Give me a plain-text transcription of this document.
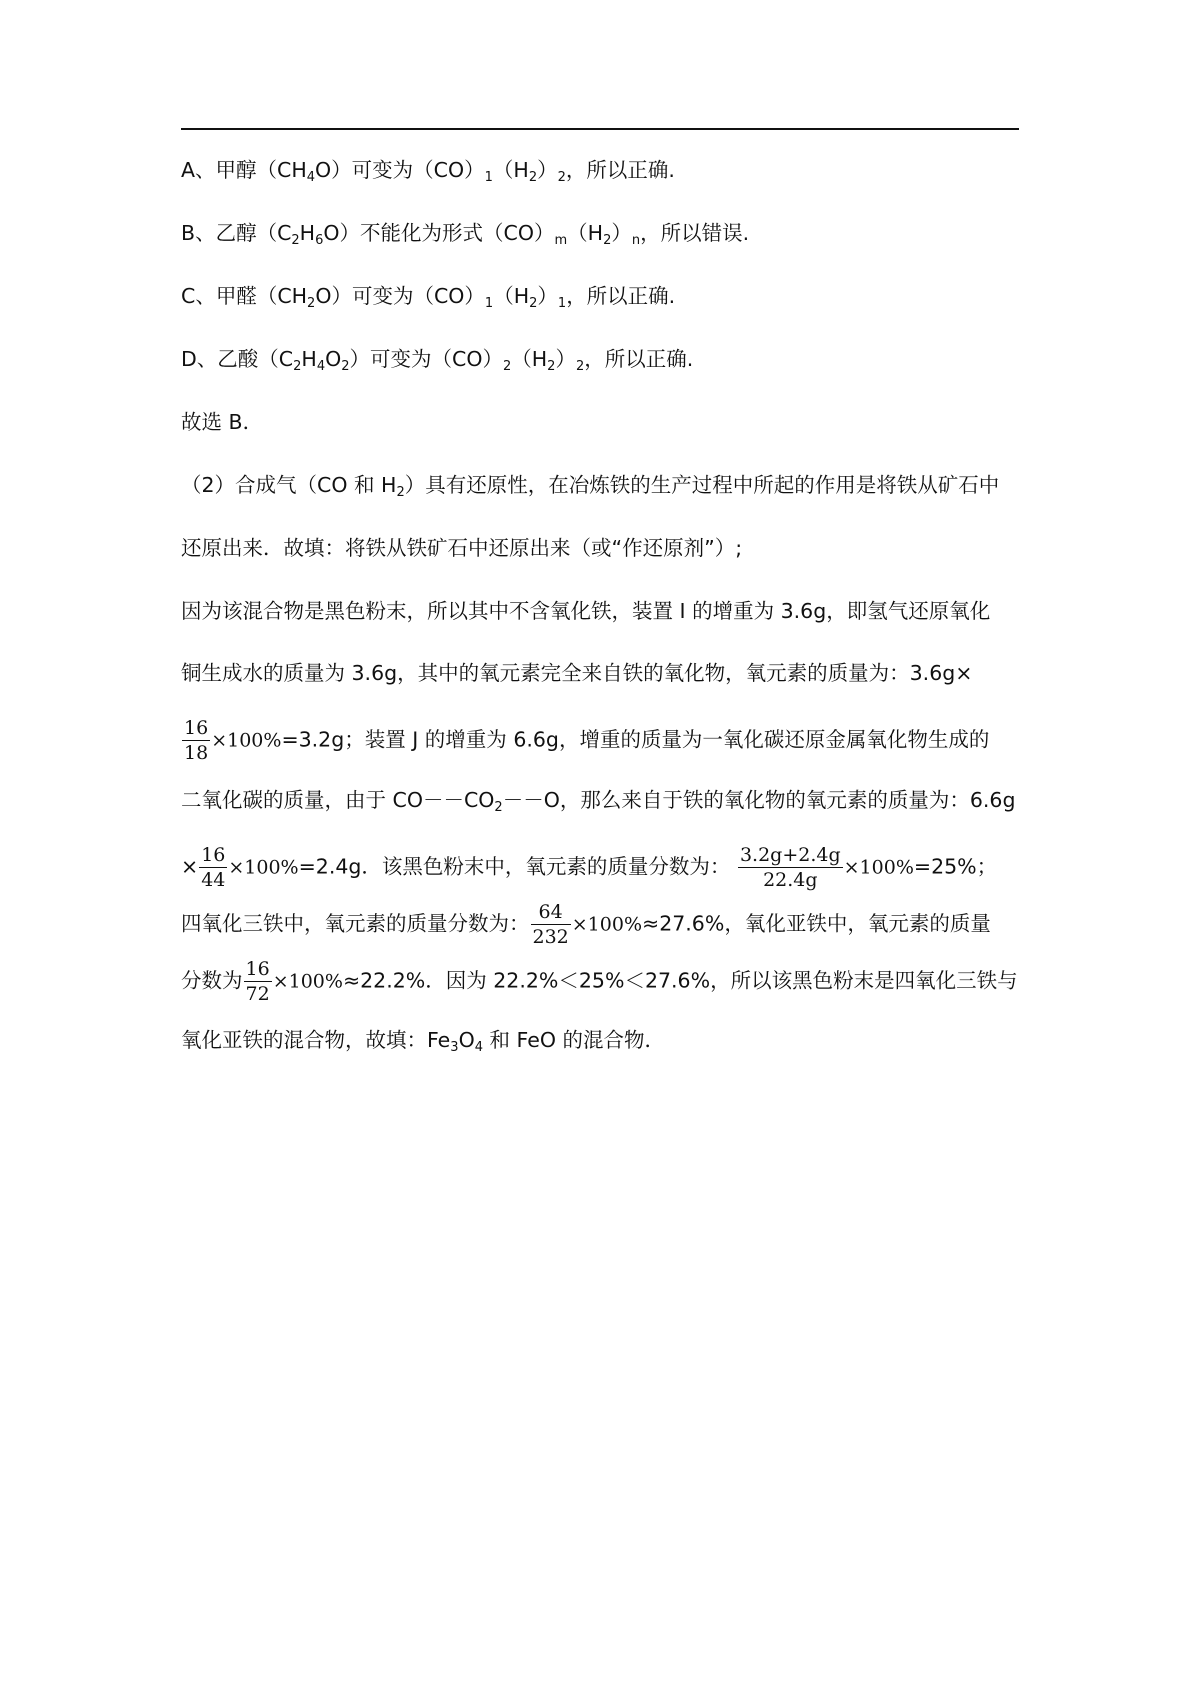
A、甲醇$(CH_4O)$可变为$(CO)_1(H_2)_2$，所以正确.
B、乙醇$(C_2H_6O)$不能化为形式$(CO)_m(H_2)_n$，所以错误.
C、甲醛$(CH_2O)$可变为$(CO)_1(H_2)_1$，所以正确.
D、乙酸$(C_2H_4O_2)$可变为$(CO)_2(H_2)_2$，所以正确.
故选 B．
（2）合成气（CO 和 $H_2$）具有还原性，在冶炼铁的生产过程中所起的作用是将铁从矿石中
还原出来．故填：将铁从铁矿石中还原出来（或“作还原剂”）;
因为该混合物是黑色粉末，所以其中不含氧化铁，装置 I 的增重为 3.6g，即氢气还原氧化
铜生成水的质量为 3.6g，其中的氧元素完全来自铁的氧化物，氧元素的质量为：3.6g×
$\frac{16}{18} \times 100\%=3.2g$；装置 J 的增重为 6.6g，增重的质量为一氧化碳还原金属氧化物生成的
二氧化碳的质量，由于 $CO--CO_2--O$，那么来自于铁的氧化物的氧元素的质量为：6.6g
× $\frac{16}{44} \times 100\%=2.4g$．该黑色粉末中，氧元素的质量分数为： $\frac{3.2g+2.4g}{22.4g} \times 100\%=25\%$；
四氧化三铁中，氧元素的质量分数为： $\frac{64}{232} \times 100\%\approx 27.6\%$，氧化亚铁中，氧元素的质量
分数为 $\frac{16}{72} \times 100\%\approx 22.2\%$．因为 22.2%＜25%＜27.6%，所以该黑色粉末是四氧化三铁与
氧化亚铁的混合物，故填：$Fe_3O_4$ 和 FeO 的混合物．
